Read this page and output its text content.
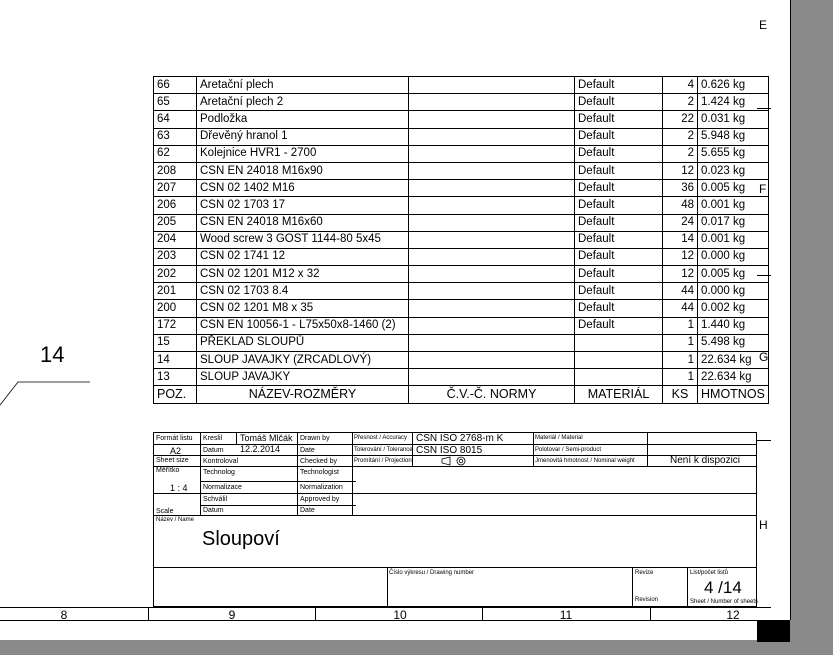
E
F
G
H
8	9	10	11	12
14
66	Aretační plech		Default	4	0.626 kg
65	Aretační plech 2		Default	2	1.424 kg
64	Podložka		Default	22	0.031 kg
63	Dřevěný hranol 1		Default	2	5.948 kg
62	Kolejnice HVR1 - 2700		Default	2	5.655 kg
208	CSN EN 24018 M16x90		Default	12	0.023 kg
207	CSN 02 1402 M16		Default	36	0.005 kg
206	CSN 02 1703 17		Default	48	0.001 kg
205	CSN EN 24018 M16x60		Default	24	0.017 kg
204	Wood screw 3 GOST 1144-80 5x45		Default	14	0.001 kg
203	CSN 02 1741 12		Default	12	0.000 kg
202	CSN 02 1201 M12 x 32		Default	12	0.005 kg
201	CSN 02 1703 8.4		Default	44	0.000 kg
200	CSN 02 1201 M8 x 35		Default	44	0.002 kg
172	CSN EN 10056-1 - L75x50x8-1460 (2)		Default	1	1.440 kg
15	PŘEKLAD SLOUPŮ			1	5.498 kg
14	SLOUP JAVAJKY (ZRCADLOVÝ)			1	22.634 kg
13	SLOUP JAVAJKY			1	22.634 kg
POZ.	NÁZEV-ROZMĚRY	Č.V.-Č. NORMY	MATERIÁL	KS	HMOTNOS
Formát listu
A2
Sheet size
Měřítko
1 : 4
Scale
Kreslil Tomáš Mlčák Drawn by
Datum 12.2.2014	Date
Kontroloval	Checked by
Technolog	Technologist
Normalizace	Normalization
Schválil	Approved by
Datum	Date
Přesnost / Accuracy ČSN ISO 2768-m K
Tolerování / Tolerance ČSN ISO 8015
Promítání / Projection
Materiál / Material
Polotovar / Semi-product
Jmenovitá hmotnost / Nominal weight	Není k dispozici
Název / Name
Sloupoví
Číslo výkresu / Drawing number	Revize
Revision
List/počet listů
4 /14
Sheet / Number of sheets
